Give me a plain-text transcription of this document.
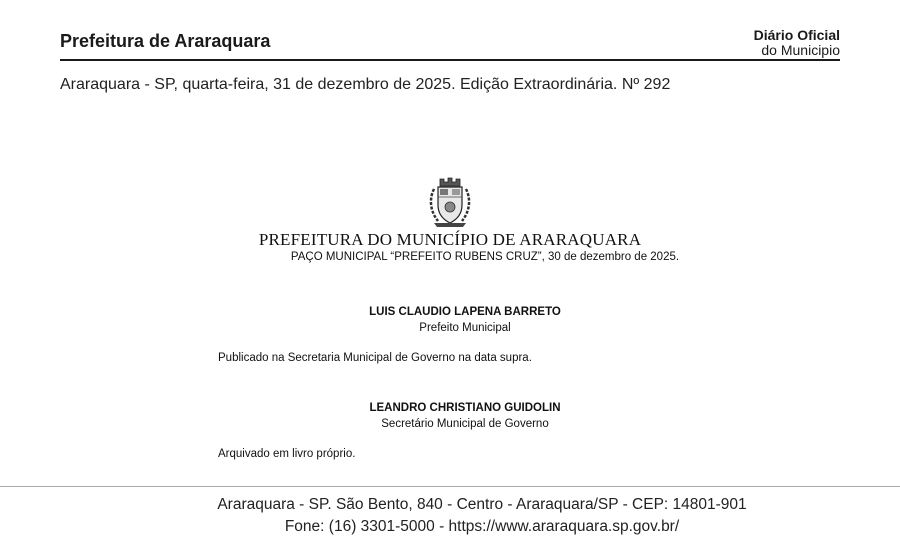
Prefeitura de Araraquara	Diário Oficial
do Municipio
Araraquara - SP, quarta-feira, 31 de dezembro de 2025. Edição Extraordinária. Nº 292
PREFEITURA DO MUNICÍPIO DE ARARAQUARA
PAÇO MUNICIPAL “PREFEITO RUBENS CRUZ”, 30 de dezembro de 2025.
LUIS CLAUDIO LAPENA BARRETO
Prefeito Municipal
Publicado na Secretaria Municipal de Governo na data supra.
LEANDRO CHRISTIANO GUIDOLIN
Secretário Municipal de Governo
Arquivado em livro próprio.
Araraquara - SP. São Bento, 840 - Centro - Araraquara/SP - CEP: 14801-901
Fone: (16) 3301-5000 - https://www.araraquara.sp.gov.br/
